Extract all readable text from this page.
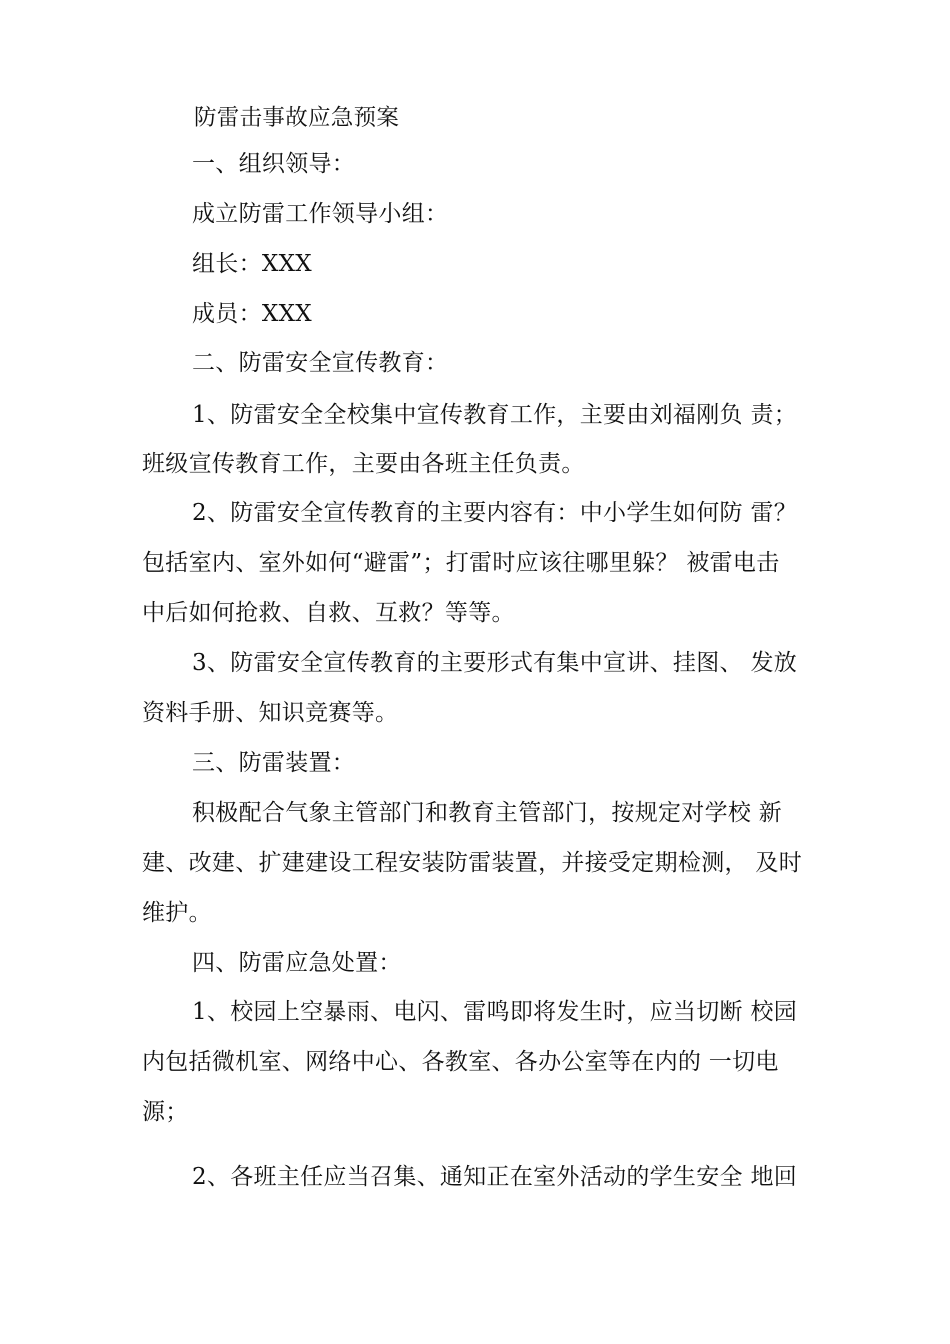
防雷击事故应急预案
一、组织领导：
成立防雷工作领导小组：
组长：XXX
成员：XXX
二、防雷安全宣传教育：
1、防雷安全全校集中宣传教育工作，主要由刘福刚负 责；
班级宣传教育工作，主要由各班主任负责。
2、防雷安全宣传教育的主要内容有：中小学生如何防 雷？
包括室内、室外如何“避雷”；打雷时应该往哪里躲？ 被雷电击
中后如何抢救、自救、互救？等等。
3、防雷安全宣传教育的主要形式有集中宣讲、挂图、 发放
资料手册、知识竞赛等。
三、防雷装置：
积极配合气象主管部门和教育主管部门，按规定对学校 新
建、改建、扩建建设工程安装防雷装置，并接受定期检测， 及时
维护。
四、防雷应急处置：
1、校园上空暴雨、电闪、雷鸣即将发生时，应当切断 校园
内包括微机室、网络中心、各教室、各办公室等在内的 一切电
源；
2、各班主任应当召集、通知正在室外活动的学生安全 地回
